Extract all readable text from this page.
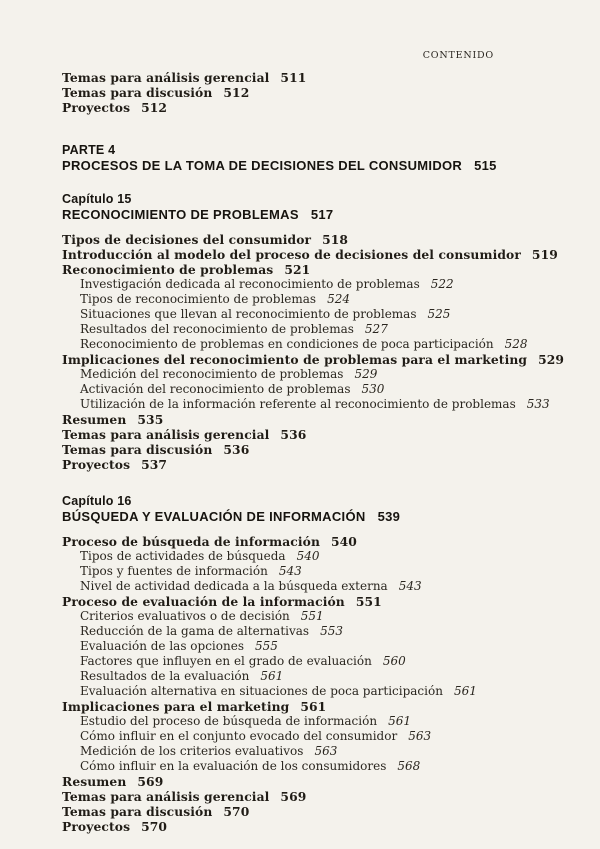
CONTENIDO
Temas para análisis gerencial 511
Temas para discusión 512
Proyectos 512
PARTE 4
PROCESOS DE LA TOMA DE DECISIONES DEL CONSUMIDOR 515
Capítulo 15
RECONOCIMIENTO DE PROBLEMAS 517
Tipos de decisiones del consumidor 518
Introducción al modelo del proceso de decisiones del consumidor 519
Reconocimiento de problemas 521
Investigación dedicada al reconocimiento de problemas 522
Tipos de reconocimiento de problemas 524
Situaciones que llevan al reconocimiento de problemas 525
Resultados del reconocimiento de problemas 527
Reconocimiento de problemas en condiciones de poca participación 528
Implicaciones del reconocimiento de problemas para el marketing 529
Medición del reconocimiento de problemas 529
Activación del reconocimiento de problemas 530
Utilización de la información referente al reconocimiento de problemas 533
Resumen 535
Temas para análisis gerencial 536
Temas para discusión 536
Proyectos 537
Capítulo 16
BÚSQUEDA Y EVALUACIÓN DE INFORMACIÓN 539
Proceso de búsqueda de información 540
Tipos de actividades de búsqueda 540
Tipos y fuentes de información 543
Nivel de actividad dedicada a la búsqueda externa 543
Proceso de evaluación de la información 551
Criterios evaluativos o de decisión 551
Reducción de la gama de alternativas 553
Evaluación de las opciones 555
Factores que influyen en el grado de evaluación 560
Resultados de la evaluación 561
Evaluación alternativa en situaciones de poca participación 561
Implicaciones para el marketing 561
Estudio del proceso de búsqueda de información 561
Cómo influir en el conjunto evocado del consumidor 563
Medición de los criterios evaluativos 563
Cómo influir en la evaluación de los consumidores 568
Resumen 569
Temas para análisis gerencial 569
Temas para discusión 570
Proyectos 570
